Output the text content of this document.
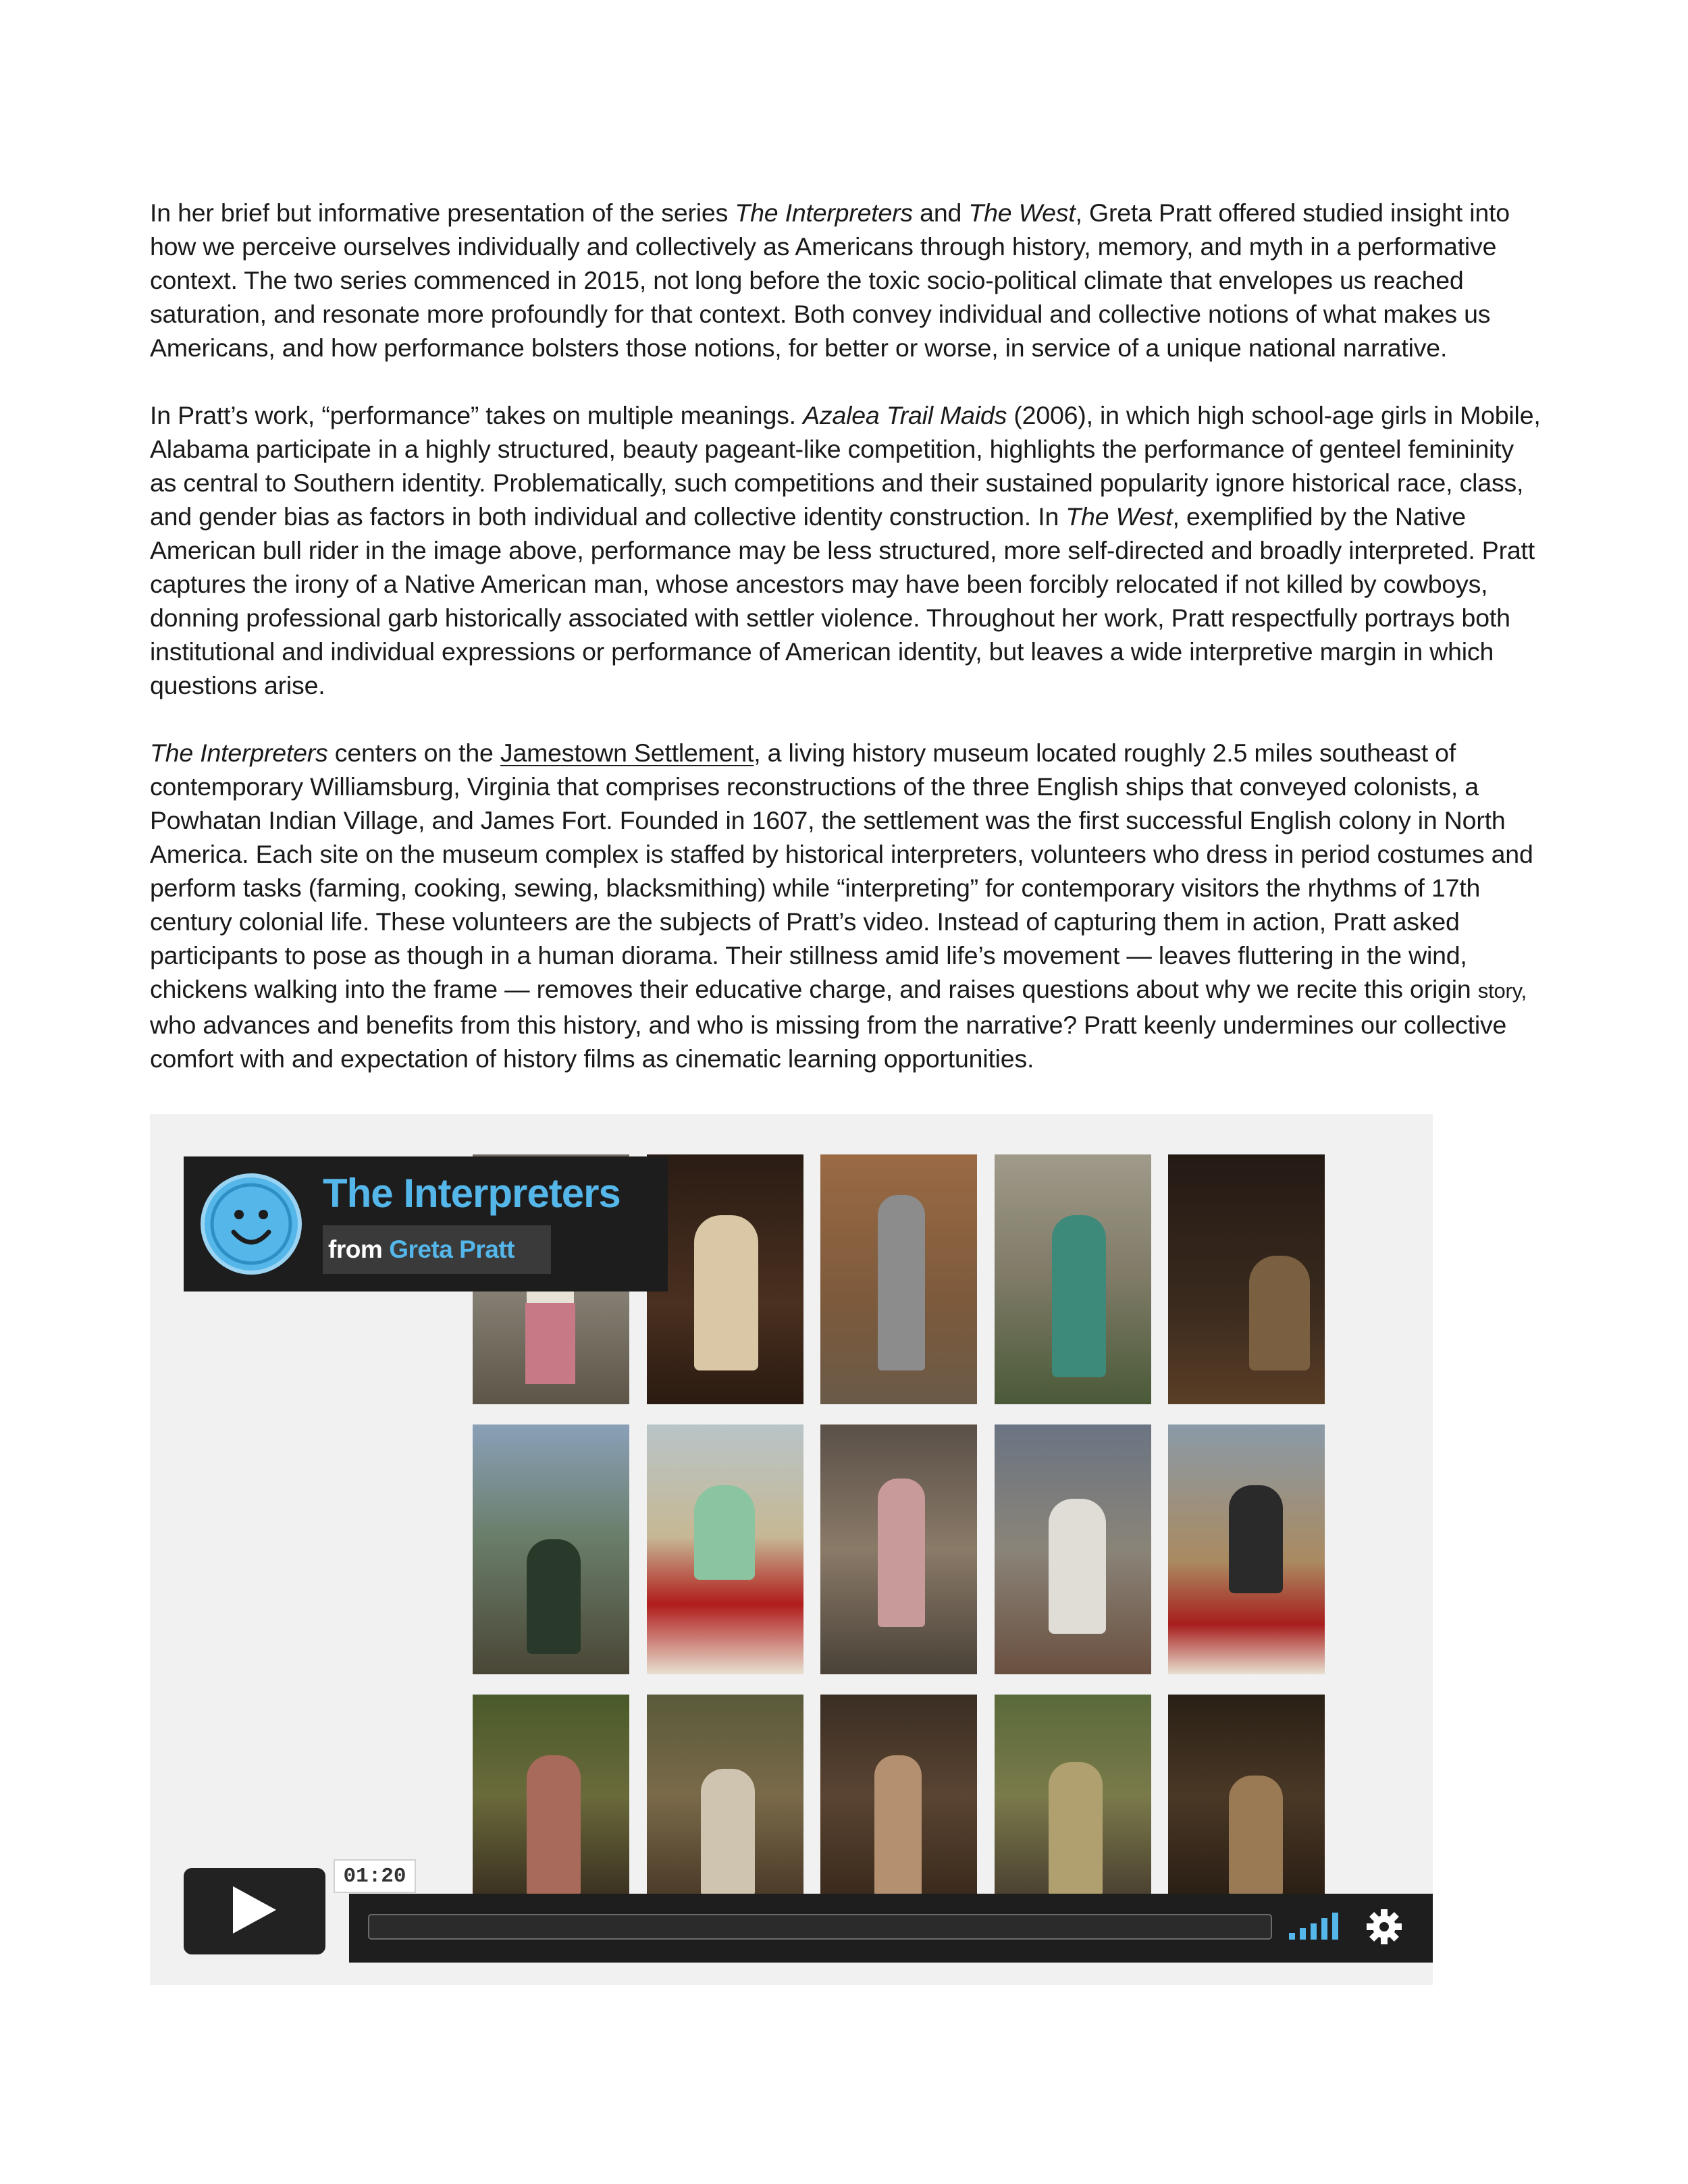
In her brief but informative presentation of the series The Interpreters and The West, Greta Pratt offered studied insight into how we perceive ourselves individually and collectively as Americans through history, memory, and myth in a performative context. The two series commenced in 2015, not long before the toxic socio-political climate that envelopes us reached saturation, and resonate more profoundly for that context. Both convey individual and collective notions of what makes us Americans, and how performance bolsters those notions, for better or worse, in service of a unique national narrative.

In Pratt’s work, “performance” takes on multiple meanings. Azalea Trail Maids (2006), in which high school-age girls in Mobile, Alabama participate in a highly structured, beauty pageant-like competition, highlights the performance of genteel femininity as central to Southern identity. Problematically, such competitions and their sustained popularity ignore historical race, class, and gender bias as factors in both individual and collective identity construction. In The West, exemplified by the Native American bull rider in the image above, performance may be less structured, more self-directed and broadly interpreted. Pratt captures the irony of a Native American man, whose ancestors may have been forcibly relocated if not killed by cowboys, donning professional garb historically associated with settler violence. Throughout her work, Pratt respectfully portrays both institutional and individual expressions or performance of American identity, but leaves a wide interpretive margin in which questions arise.

The Interpreters centers on the Jamestown Settlement, a living history museum located roughly 2.5 miles southeast of contemporary Williamsburg, Virginia that comprises reconstructions of the three English ships that conveyed colonists, a Powhatan Indian Village, and James Fort. Founded in 1607, the settlement was the first successful English colony in North America. Each site on the museum complex is staffed by historical interpreters, volunteers who dress in period costumes and perform tasks (farming, cooking, sewing, blacksmithing) while “interpreting” for contemporary visitors the rhythms of 17th century colonial life. These volunteers are the subjects of Pratt’s video. Instead of capturing them in action, Pratt asked participants to pose as though in a human diorama. Their stillness amid life’s movement — leaves fluttering in the wind, chickens walking into the frame — removes their educative charge, and raises questions about why we recite this origin story, who advances and benefits from this history, and who is missing from the narrative? Pratt keenly undermines our collective comfort with and expectation of history films as cinematic learning opportunities.

The Interpreters
from Greta Pratt
01:20
